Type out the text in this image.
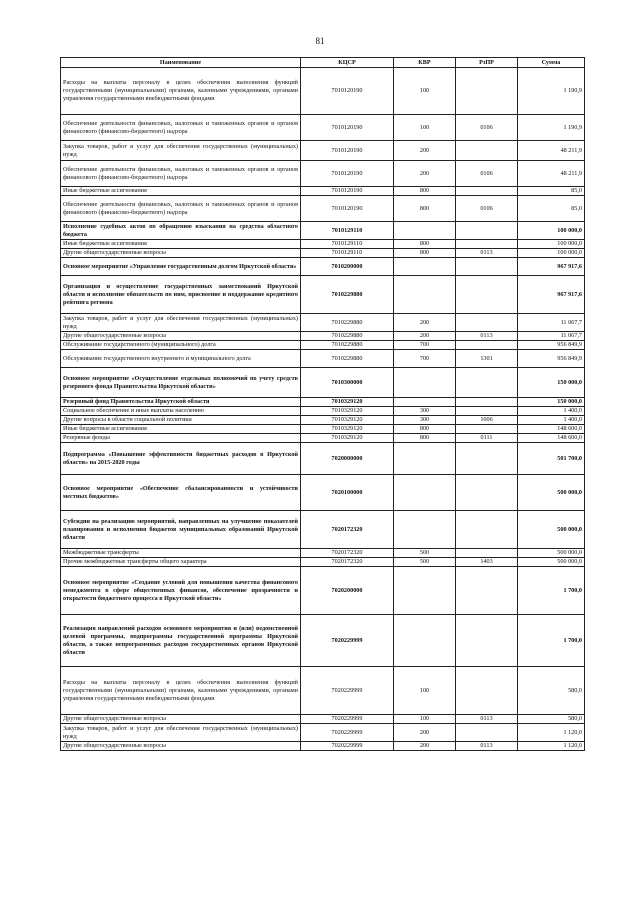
81
Наименование	КЦСР	КВР	РзПР	Сумма
Расходы на выплаты персоналу в целях обеспечения выполнения функций государственными (муниципальными) органами, казенными учреждениями, органами управления государственными внебюджетными фондами	7010120190	100		1 190,9
Обеспечение деятельности финансовых, налоговых и таможенных органов и органов финансового (финансово-бюджетного) надзора	7010120190	100	0106	1 190,9
Закупка товаров, работ и услуг для обеспечения государственных (муниципальных) нужд	7010120190	200		48 211,9
Обеспечение деятельности финансовых, налоговых и таможенных органов и органов финансового (финансово-бюджетного) надзора	7010120190	200	0106	48 211,9
Иные бюджетные ассигнования	7010120190	800		85,0
Обеспечение деятельности финансовых, налоговых и таможенных органов и органов финансового (финансово-бюджетного) надзора	7010120190	800	0106	85,0
Исполнение судебных актов по обращению взыскания на средства областного бюджета	7010129110			100 000,0
Иные бюджетные ассигнования	7010129110	800		100 000,0
Другие общегосударственные вопросы	7010129110	800	0113	100 000,0
Основное мероприятие «Управление государственным долгом Иркутской области»	7010200000			967 917,6
Организация и осуществление государственных заимствований Иркутской области и исполнение обязательств по ним, присвоение и поддержание кредитного рейтинга региона	7010229880			967 917,6
Закупка товаров, работ и услуг для обеспечения государственных (муниципальных) нужд	7010229880	200		11 067,7
Другие общегосударственные вопросы	7010229880	200	0113	11 067,7
Обслуживание государственного (муниципального) долга	7010229880	700		956 849,9
Обслуживание государственного внутреннего и муниципального долга	7010229880	700	1301	956 849,9
Основное мероприятие «Осуществление отдельных полномочий по учету средств резервного фонда Правительства Иркутской области»	7010300000			150 000,0
Резервный фонд Правительства Иркутской области	7010329120			150 000,0
Социальное обеспечение и иные выплаты населению	7010329120	300		1 400,0
Другие вопросы в области социальной политики	7010329120	300	1006	1 400,0
Иные бюджетные ассигнования	7010329120	800		148 600,0
Резервные фонды	7010329120	800	0111	148 600,0
Подпрограмма «Повышение эффективности бюджетных расходов в Иркутской области» на 2015-2020 годы	7020000000			501 700,0
Основное мероприятие «Обеспечение сбалансированности и устойчивости местных бюджетов»	7020100000			500 000,0
Субсидии на реализацию мероприятий, направленных на улучшение показателей планирования и исполнения бюджетов муниципальных образований Иркутской области	7020172320			500 000,0
Межбюджетные трансферты	7020172320	500		500 000,0
Прочие межбюджетные трансферты общего характера	7020172320	500	1403	500 000,0
Основное мероприятие «Создание условий для повышения качества финансового менеджмента в сфере общественных финансов, обеспечение прозрачности и открытости бюджетного процесса в Иркутской области»	7020200000			1 700,0
Реализация направлений расходов основного мероприятия и (или) ведомственной целевой программы, подпрограммы государственной программы Иркутской области, а также непрограммных расходов государственных органов Иркутской области	7020229999			1 700,0
Расходы на выплаты персоналу в целях обеспечения выполнения функций государственными (муниципальными) органами, казенными учреждениями, органами управления государственными внебюджетными фондами	7020229999	100		580,0
Другие общегосударственные вопросы	7020229999	100	0113	580,0
Закупка товаров, работ и услуг для обеспечения государственных (муниципальных) нужд	7020229999	200		1 120,0
Другие общегосударственные вопросы	7020229999	200	0113	1 120,0
